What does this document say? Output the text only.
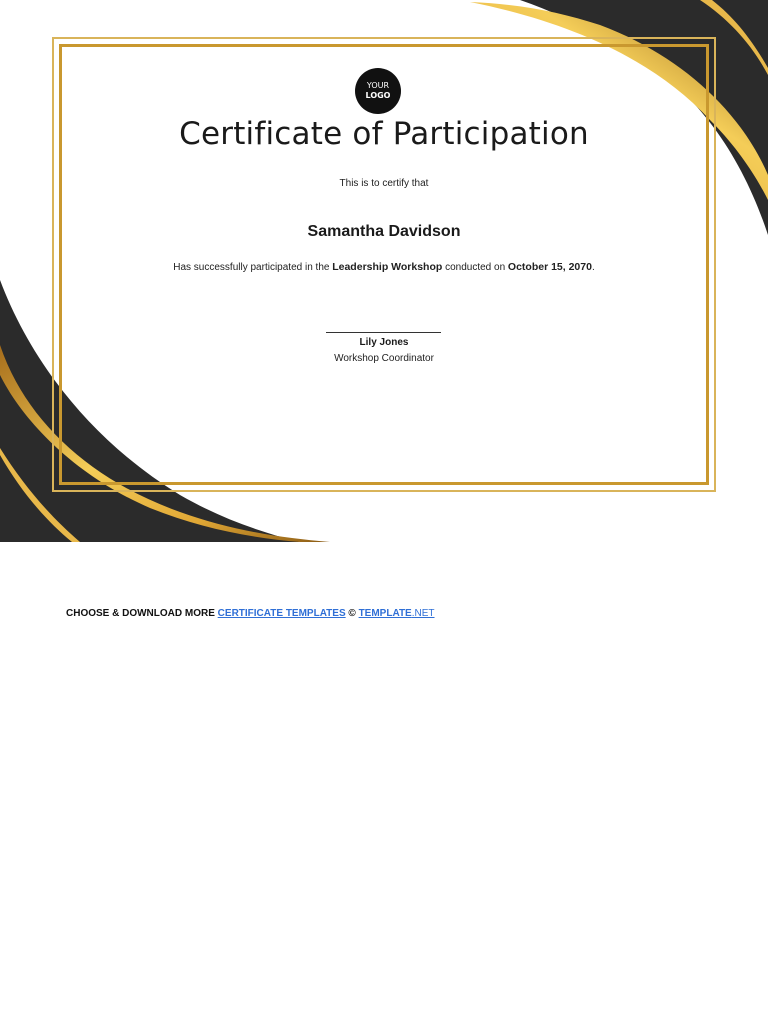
YOUR
LOGO
Certificate of Participation
This is to certify that
Samantha Davidson
Has successfully participated in the Leadership Workshop conducted on October 15, 2070.
Lily Jones
Workshop Coordinator
CHOOSE & DOWNLOAD MORE CERTIFICATE TEMPLATES © TEMPLATE.NET
